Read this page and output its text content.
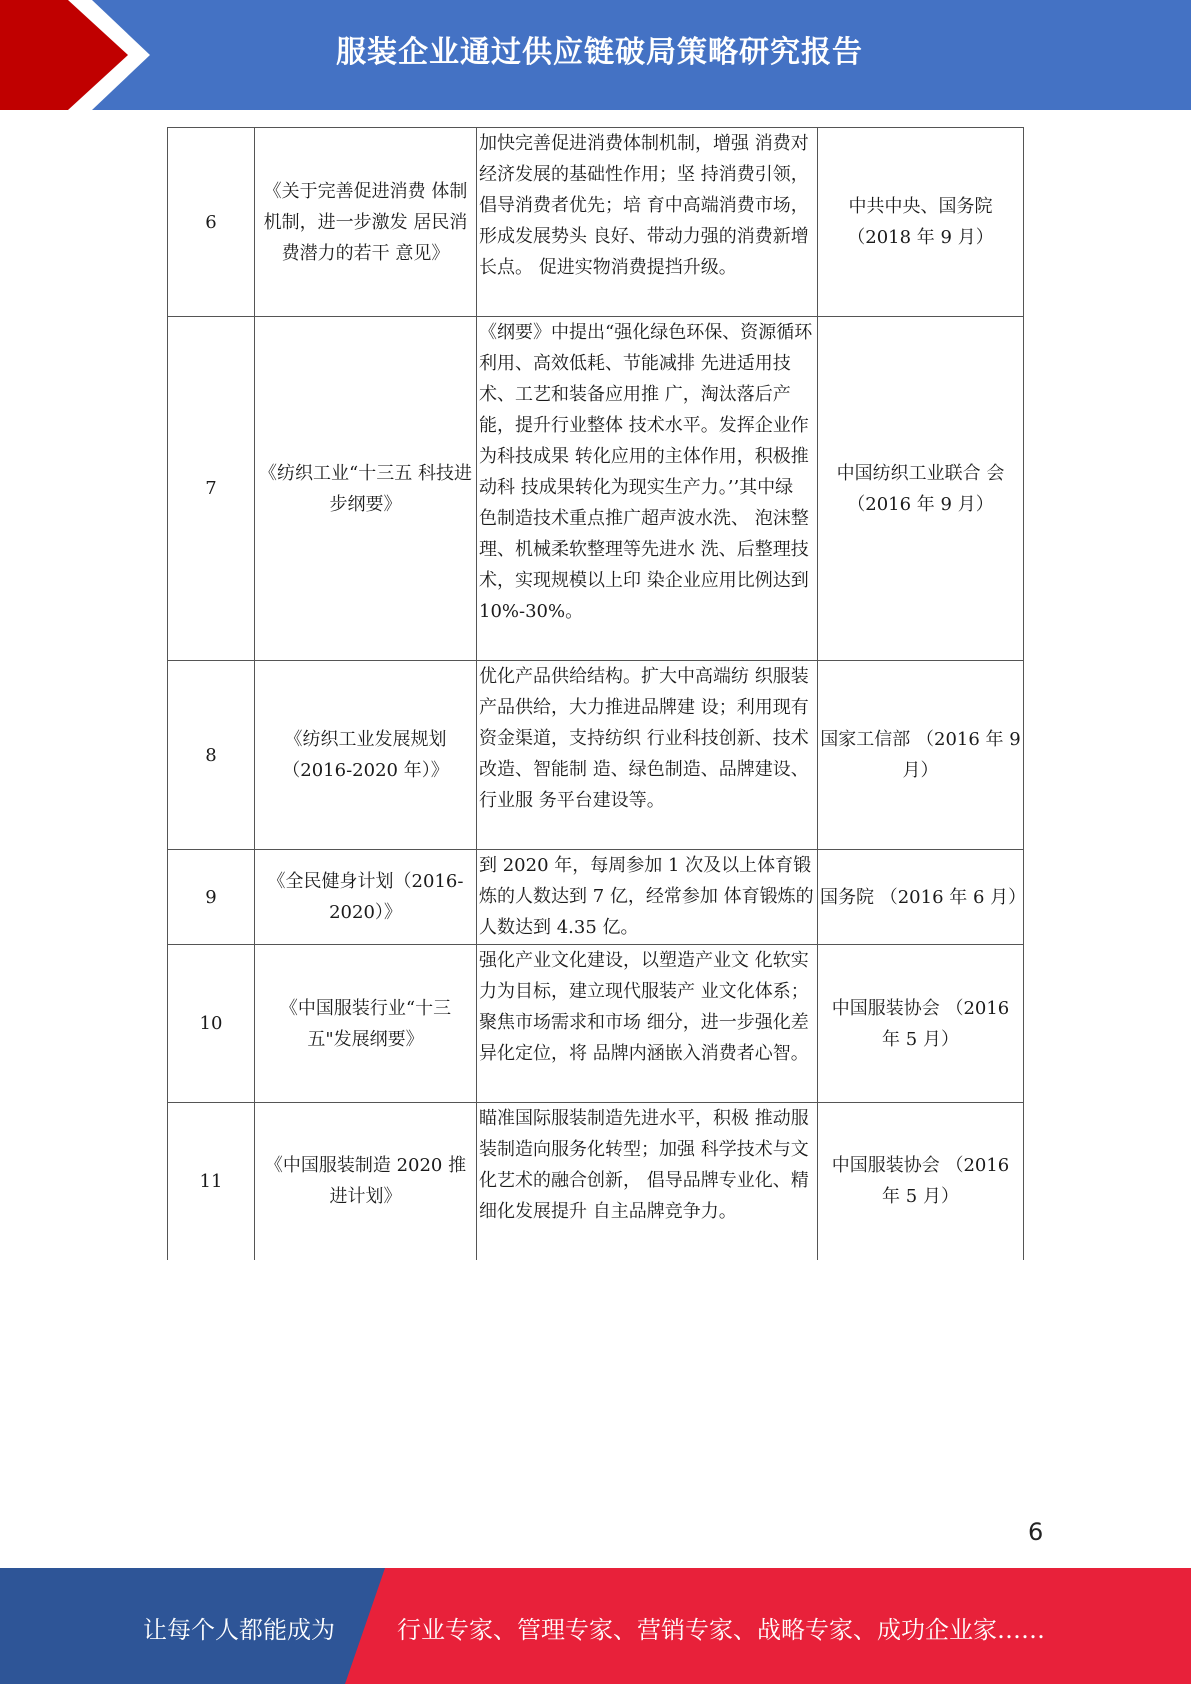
服装企业通过供应链破局策略研究报告
6	《关于完善促进消费 体制机制，进一步激发 居民消费潜力的若干 意见》	加快完善促进消费体制机制，增强 消费对经济发展的基础性作用；坚 持消费引领，倡导消费者优先；培 育中高端消费市场，形成发展势头 良好、带动力强的消费新增长点。 促进实物消费提挡升级。	中共中央、国务院（2018 年 9 月）
7	《纺织工业“十三五 科技进步纲要》	《纲要》中提出“强化绿色环保、资源循环利用、高效低耗、节能减排 先进适用技术、工艺和装备应用推 广，淘汰落后产能，提升行业整体 技术水平。发挥企业作为科技成果 转化应用的主体作用，积极推动科 技成果转化为现实生产力。’’其中绿 色制造技术重点推广超声波水洗、 泡沫整理、机械柔软整理等先进水 洗、后整理技术，实现规模以上印 染企业应用比例达到10%-30%。	中国纺织工业联合 会（2016 年 9 月）
8	《纺织工业发展规划（2016-2020 年）》	优化产品供给结构。扩大中高端纺 织服装产品供给，大力推进品牌建 设；利用现有资金渠道，支持纺织 行业科技创新、技术改造、智能制 造、绿色制造、品牌建设、行业服 务平台建设等。	国家工信部 （2016 年 9 月）
9	《全民健身计划（2016-2020）》	到 2020 年，每周参加 1 次及以上体育锻炼的人数达到 7 亿，经常参加 体育锻炼的人数达到 4.35 亿。	国务院 （2016 年 6 月）
10	《中国服装行业“十三 五"发展纲要》	强化产业文化建设，以塑造产业文 化软实力为目标，建立现代服装产 业文化体系；聚焦市场需求和市场 细分，进一步强化差异化定位，将 品牌内涵嵌入消费者心智。	中国服装协会 （2016 年 5 月）
11	《中国服装制造 2020 推进计划》	瞄准国际服装制造先进水平，积极 推动服装制造向服务化转型；加强 科学技术与文化艺术的融合创新， 倡导品牌专业化、精细化发展提升 自主品牌竞争力。	中国服装协会 （2016 年 5 月）
6
让每个人都能成为	行业专家、管理专家、营销专家、战略专家、成功企业家……
